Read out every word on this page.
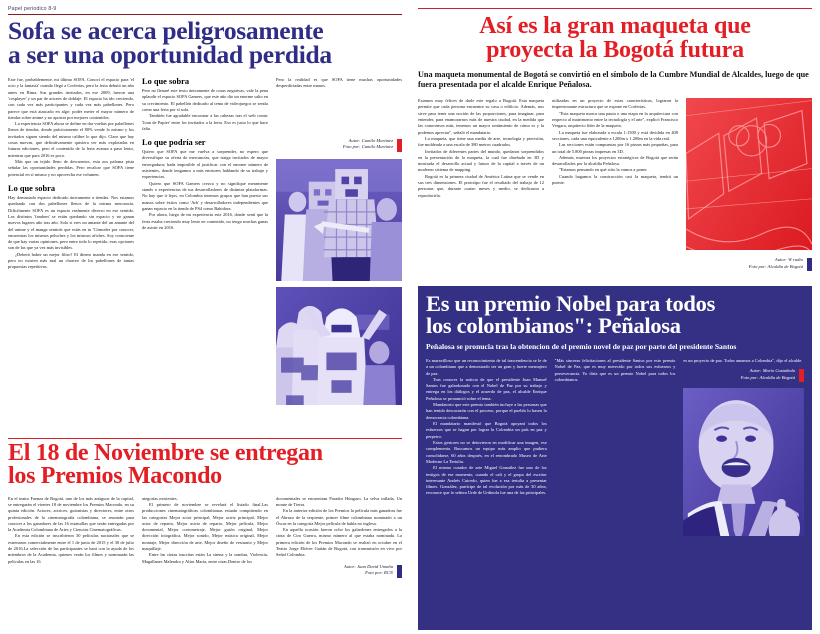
Papel periodico 8-9
Sofa se acerca peligrosamente
a ser una oportunidad perdida

Este fue, probablemente, mi último SOFA. Conocí el espacio para 'el ocio y la fantasía' cuando llegó a Corferias, pero la feria debutó un año antes en Bima. Sus grandes invitados, en ese 2009, fueron una 'cosplayer' y un par de actores de doblaje. El espacio ha ido creciendo, con cada vez más participantes y cada vez más pabellones. Pero parece que está atascado en algo: poder meter el mayor número de tiendas sobre anime y no apostar por mejores contenidos.

La experiencia SOFA ahora se define en dar vueltas por pabellones llenos de tiendas, donde prácticamente el 80% vende lo mismo y los invitados siguen siendo del mismo calibre lo que dijo. Claro que hay cosas nuevas, que definitivamente quisiera ver más explotadas en futuras ediciones, pero el contenido de la feria avanza a paso lento, mientras que para 2016 es poco.

Más que un tejido lleno de descuentos, esta zos paloma pista señalar las oportunidades perdidas. Pero recalcar que SOFA tiene potencial en sí mismo y no aprovecha ese volumen.

Lo que sobra

Hay demasiado espacio dedicado únicamente a tiendas. Nos estamos quedando con dos pabellones llenos de la misma mercancía. Difícilmente SOFA es un espacio realmente diverso en ese sentido. Los distintos 'fandom' se están quedando sin espacio y no ganan nuevos lugares año tras año. Solo si eres un amante del un amante del del anime y el manga sentirás que estás en tu 'Cómoder por conocer, encuentras los mismos peluches y los mismos afiches. Soy consciente de que hay varias opiniones, pero entre todo lo repetido, esas opciones son de las que ya vez más invisibles.

¿Deberá haber un mejor filtro? El dinero manda en ese sentido, pero no existen más mal un chorreo de los pabellones de tantas propuestas repetitivas.

Lo que sobra

Pero no llenaré este texto únicamente de cosas negativas, vale la pena aplaudir el espacio SOFA Gamers, que este año dio un enorme salto en su crecimiento. El pabellón dedicado al tema de videojuegos se sentía como una feria por sí sola.

También fue agradable encontrar a las cabezas tras el web comic 'Joan de Papier' entre los invitados a la feria. Eso es justo lo que hace falta.

Lo que podría ser

Quiero que SOFA que me vuelva a sorprender, no espero que diversifique su oferta de mercancías, que traiga invitados de mayor envergadura; hada imposible al justificar con el enorme número de asistentes, donde tengamos a más emisores hablando de su trabajo y experiencias.

Quiero que SOFA Gamers crezca y no signifique meramente stands o experiencias de tus desarrolladores de distintas plataformas. No hay que ir lejos, en Colombia tenemos grupos que han puesto sus manos sobre éxitos como 'Ark' y desarrolladores independientes que ganan espacio en la tienda de PS4 como Bahidora.

Por ahora, luego de mi experiencia este 2016, donde sentí que la feria estaba creciendo muy lento en contenido, no tengo muchas ganas de asistir en 2016.

Pero la realidad es que SOFA tiene muchas oportunidades desperdiciadas entre manos.

Autor: Camilo Martinez
Foto por: Camilo Martinez
El 18 de Noviembre se entregan
los Premios Macondo

En el teatro Faenza de Bogotá, uno de los más antiguos de la capital, se entregarán el viernes 18 de noviembre los Premios Macondo, en su quinta edición. Actores, actrices, guionistas y directores, entre otros profesionales de la cinematografía colombiana, se reunirán para conocer a los ganadores de las 16 estatuillas que serán entregadas por la Academia Colombiana de Artes y Ciencias Cinematográficas.

En esta edición se inscribieron 30 películas nacionales que se estrenaron comercialmente entre el 1 de junio de 2015 y el 30 de julio de 2016.La selección de las participantes se hará con la ayuda de los miembros de la Academia, quienes verán los filmes y nominarán las películas en las 16

ategorías existentes.

El primero de noviembre se revelará el listado final.Las producciones cinematográficas colombianas estarán compitiendo en las categorías Mejor actor principal, Mejor actriz principal, Mejor actor de reparto, Mejor actriz de reparto, Mejor película, Mejor documental, Mejor cortometraje, Mejor guión original, Mejor dirección fotográfica, Mejor sonido, Mejor música original, Mejor montaje, Mejor dirección de arte, Mejor diseño de vestuario y Mejor maquillaje.

Entre las cintas inscritas están La sirena y la sombra, Violencia, Magallanes Malendro y Alias María, entre otras.Dentro de los

documentales se encuentran Parador Húngaro, La selva inflada, Un monte de Tierra.

En la anterior edición de los Premios la película más ganadora fue el Abrazo de la serpiente, primer filme colombiano nominado a un Óscar en la categoría Mejor película de habla no inglesa.

En aquella ocasión fueron ocho los galardones entregados a la cinta de Ciro Guerra, mismo número al que estaba nominada. La primera edición de los Premios Macondo se realizó en octubre en el Teatro Jorge Eliécer Gaitán de Bogotá, con transmisión en vivo por Señal Colombia.

Autor: Juan David Umaña
Foto por: RCN
Así es la gran maqueta que
proyecta la Bogotá futura
Una maqueta monumental de Bogotá se convirtió en el símbolo de la Cumbre Mundial de Alcaldes, luego de que fuera presentada por el alcalde Enrique Peñalosa.

Estamos muy felices de darle este regalo a Bogotá. Esta maqueta permite que cada persona encuentre su casa o edificio. Además, nos sirve para tener una noción de las proporciones, para imaginar, para entender, para enamorarnos más de nuestra ciudad, en la medida que las conocemos más, tenemos un mayor sentimiento de cómo es y la podemos apreciar", señaló el mandatario.

La maqueta, que tiene una media de arte, tecnología y precisión, fue moldeada a una escala de 380 metros cuadrados.

Invitados de diferentes partes del mundo, quedaron sorprendidos en la presentación de la maqueta, la cual fue diseñada en 3D y mostrada el desarrollo actual y futuro de la capital a través de un moderno sistema de mapping.

Bogotá es la primera ciudad de América Latina que se vende en sus tres dimensiones. El prototipo fue el resultado del trabajo de 12 personas que, durante cuatro meses y medio, se dedicaron a reproducirla.

utilizadas en un proyecto de estas características, lograron la impresionante estructura que se expone en Corferias.

"Esta maqueta marca una pauta o una etapa en la arquitectura con respecto al matrimonio entre la tecnología y el arte", explicó Francisco Vergara, arquitecto líder de la maqueta.

La maqueta fue elaborada a escala 1:1500 y está dividida en 408 secciones, cada una equivalente a 1200m x 1.200m en la vida real.

Las secciones están compuestas por 16 piezas más pequeñas, para un total de 5.800 piezas impresas en 3D.

Además, muestra los proyectos estratégicos de Bogotá que serán desarrollados por la alcaldía Peñalosa.

"Estamos pensando en qué sitio la vamos a poner.

Cuando hagamos la construcción casi la maqueta, tendrá un puente.

Autor: W radio
Foto por: Alcaldía de Bogotá
Es un premio Nobel para todos
los colombianos": Peñalosa
Peñalosa se pronucia tras la obtencion de el premio novel de paz por parte del presidente Santos

Es maravilloso que un reconocimiento de tal trascendencia se le de a un colombiano que a demostrado ser un gran y fuerte mensajero de paz.

Tras conocer la noticia de que el presidente Juan Manuel Santos fue galardonado con el Nobel de Paz por su trabajo y entrega en los diálogos y el acuerdo de paz, el alcalde Enrique Peñalosa se pronunció sobre el tema.

Mandatorio que este premio también incluye a las personas que han tenido descorazón con el proceso, porque el pueblo lo basen la democracia colombiana.

El mandatario manifestó que Bogotá apoyará todos los esfuerzos que se hagan por lograr la Colombia un país en paz y perpetro.

Estos gestores no se detuvieron en modificar una imagen, ese complementa. Buscamos un equipo más amplio que pudiera consolidarse, 60 años después, en el renombrado Museo de Arte Moderno La Tertulia.

El mismo curador de arte Miguel González fue uno de los testigos de ese momento, cuando el cali y el grupo del escritor interesante Andrés Caicedo, quien fue a esa tertulia a presentar filmes. González, partícipe de tal evolución por más de 30 años, reconoce que lo señora Urde de Urdinola fue una de las principales.

"Más sinceras felicitaciones al presidente Santos por este premio Nobel de Paz, que es muy merecido por todos sus esfuerzos y perseverancia. Yo diría que es un premio Nobel para todos los colombianos.

es un proyecto de paz. Todos amamos a Colombia", dijo el alcalde.

Autor: Mario Castañeda
Foto por: Alcaldía de Bogotá
